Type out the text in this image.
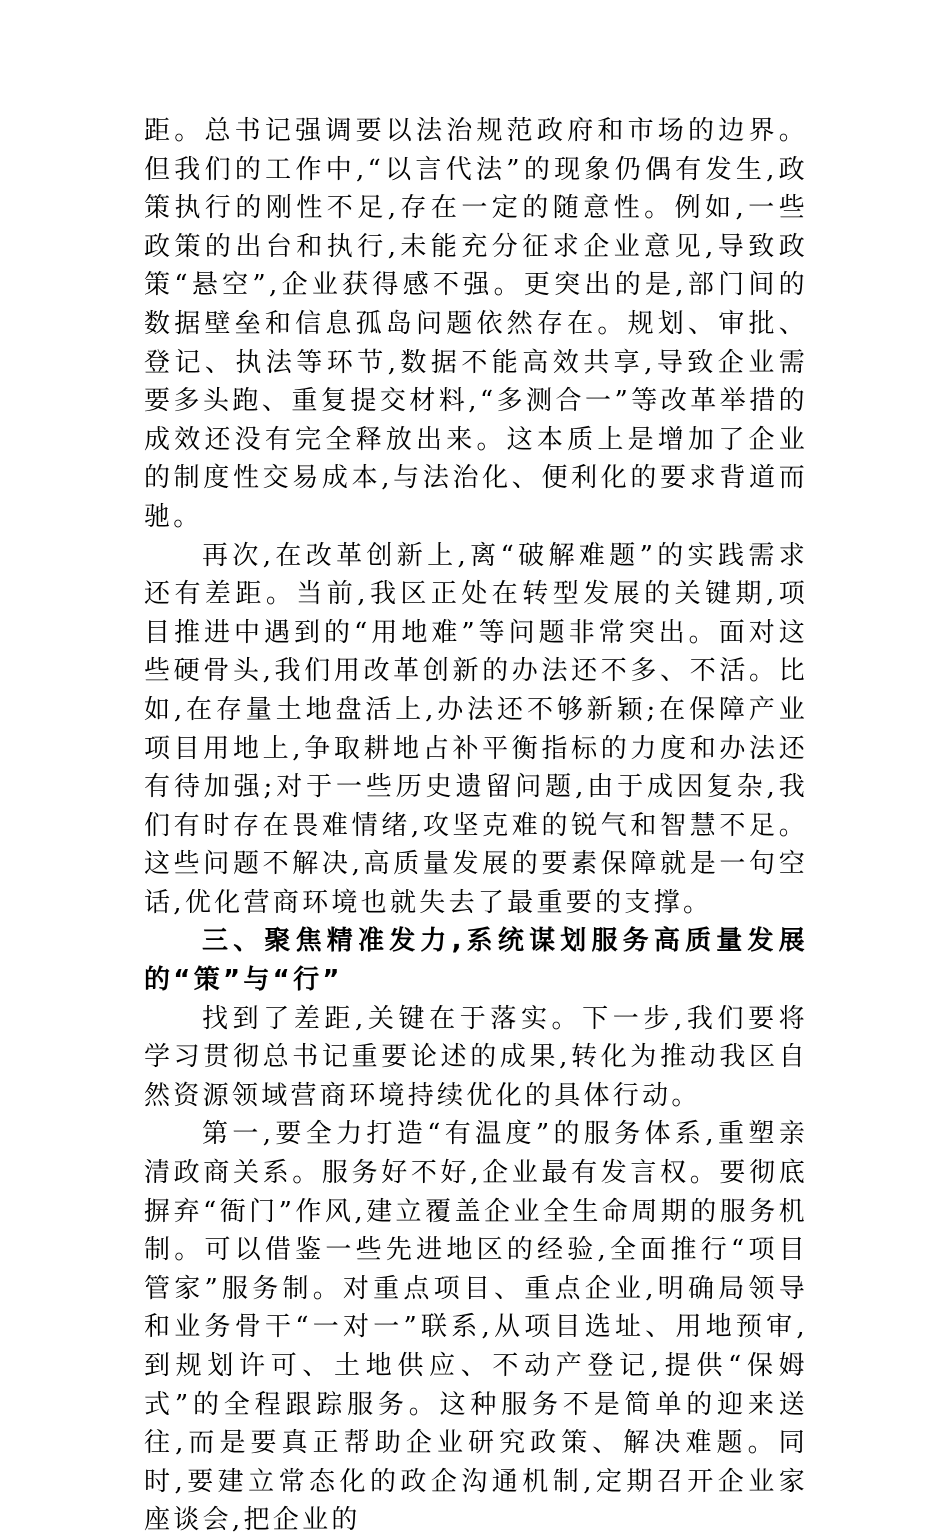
距。总书记强调要以法治规范政府和市场的边界。但我们的工作中,“以言代法”的现象仍偶有发生,政策执行的刚性不足,存在一定的随意性。例如,一些政策的出台和执行,未能充分征求企业意见,导致政策“悬空”,企业获得感不强。更突出的是,部门间的数据壁垒和信息孤岛问题依然存在。规划、审批、登记、执法等环节,数据不能高效共享,导致企业需要多头跑、重复提交材料,“多测合一”等改革举措的成效还没有完全释放出来。这本质上是增加了企业的制度性交易成本,与法治化、便利化的要求背道而驰。

再次,在改革创新上,离“破解难题”的实践需求还有差距。当前,我区正处在转型发展的关键期,项目推进中遇到的“用地难”等问题非常突出。面对这些硬骨头,我们用改革创新的办法还不多、不活。比如,在存量土地盘活上,办法还不够新颖;在保障产业项目用地上,争取耕地占补平衡指标的力度和办法还有待加强;对于一些历史遗留问题,由于成因复杂,我们有时存在畏难情绪,攻坚克难的锐气和智慧不足。这些问题不解决,高质量发展的要素保障就是一句空话,优化营商环境也就失去了最重要的支撑。

三、聚焦精准发力,系统谋划服务高质量发展的“策”与“行”

找到了差距,关键在于落实。下一步,我们要将学习贯彻总书记重要论述的成果,转化为推动我区自然资源领域营商环境持续优化的具体行动。

第一,要全力打造“有温度”的服务体系,重塑亲清政商关系。服务好不好,企业最有发言权。要彻底摒弃“衙门”作风,建立覆盖企业全生命周期的服务机制。可以借鉴一些先进地区的经验,全面推行“项目管家”服务制。对重点项目、重点企业,明确局领导和业务骨干“一对一”联系,从项目选址、用地预审,到规划许可、土地供应、不动产登记,提供“保姆式”的全程跟踪服务。这种服务不是简单的迎来送往,而是要真正帮助企业研究政策、解决难题。同时,要建立常态化的政企沟通机制,定期召开企业家座谈会,把企业的
